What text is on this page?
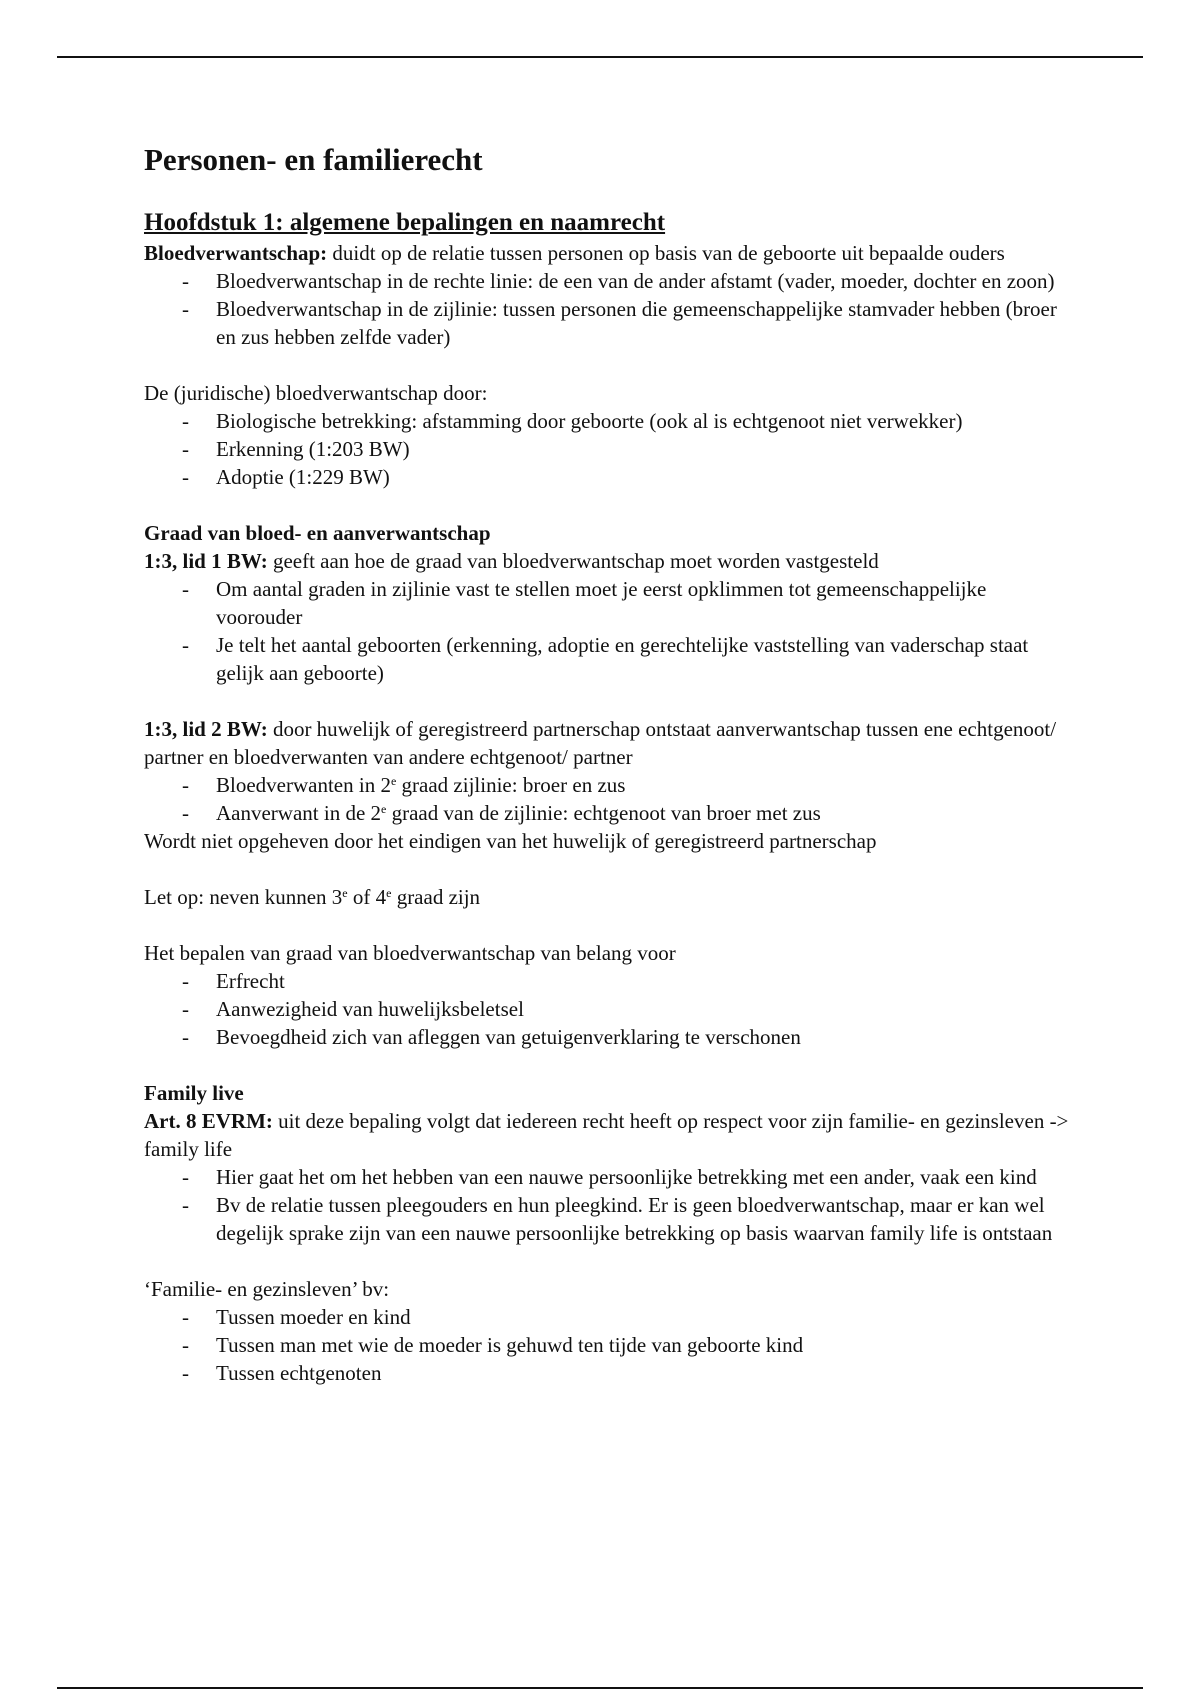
Personen- en familierecht
Hoofdstuk 1: algemene bepalingen en naamrecht

Bloedverwantschap: duidt op de relatie tussen personen op basis van de geboorte uit bepaalde ouders

- Bloedverwantschap in de rechte linie: de een van de ander afstamt (vader, moeder, dochter en zoon)
- Bloedverwantschap in de zijlinie: tussen personen die gemeenschappelijke stamvader hebben (broer en zus hebben zelfde vader)

De (juridische) bloedverwantschap door:

- Biologische betrekking: afstamming door geboorte (ook al is echtgenoot niet verwekker)
- Erkenning (1:203 BW)
- Adoptie (1:229 BW)

Graad van bloed- en aanverwantschap

1:3, lid 1 BW: geeft aan hoe de graad van bloedverwantschap moet worden vastgesteld

- Om aantal graden in zijlinie vast te stellen moet je eerst opklimmen tot gemeenschappelijke voorouder
- Je telt het aantal geboorten (erkenning, adoptie en gerechtelijke vaststelling van vaderschap staat gelijk aan geboorte)

1:3, lid 2 BW: door huwelijk of geregistreerd partnerschap ontstaat aanverwantschap tussen ene echtgenoot/ partner en bloedverwanten van andere echtgenoot/ partner

- Bloedverwanten in 2e graad zijlinie: broer en zus
- Aanverwant in de 2e graad van de zijlinie: echtgenoot van broer met zus

Wordt niet opgeheven door het eindigen van het huwelijk of geregistreerd partnerschap

Let op: neven kunnen 3e of 4e graad zijn

Het bepalen van graad van bloedverwantschap van belang voor

- Erfrecht
- Aanwezigheid van huwelijksbeletsel
- Bevoegdheid zich van afleggen van getuigenverklaring te verschonen

Family live

Art. 8 EVRM: uit deze bepaling volgt dat iedereen recht heeft op respect voor zijn familie- en gezinsleven -> family life

- Hier gaat het om het hebben van een nauwe persoonlijke betrekking met een ander, vaak een kind
- Bv de relatie tussen pleegouders en hun pleegkind. Er is geen bloedverwantschap, maar er kan wel degelijk sprake zijn van een nauwe persoonlijke betrekking op basis waarvan family life is ontstaan

‘Familie- en gezinsleven’ bv:

- Tussen moeder en kind
- Tussen man met wie de moeder is gehuwd ten tijde van geboorte kind
- Tussen echtgenoten
